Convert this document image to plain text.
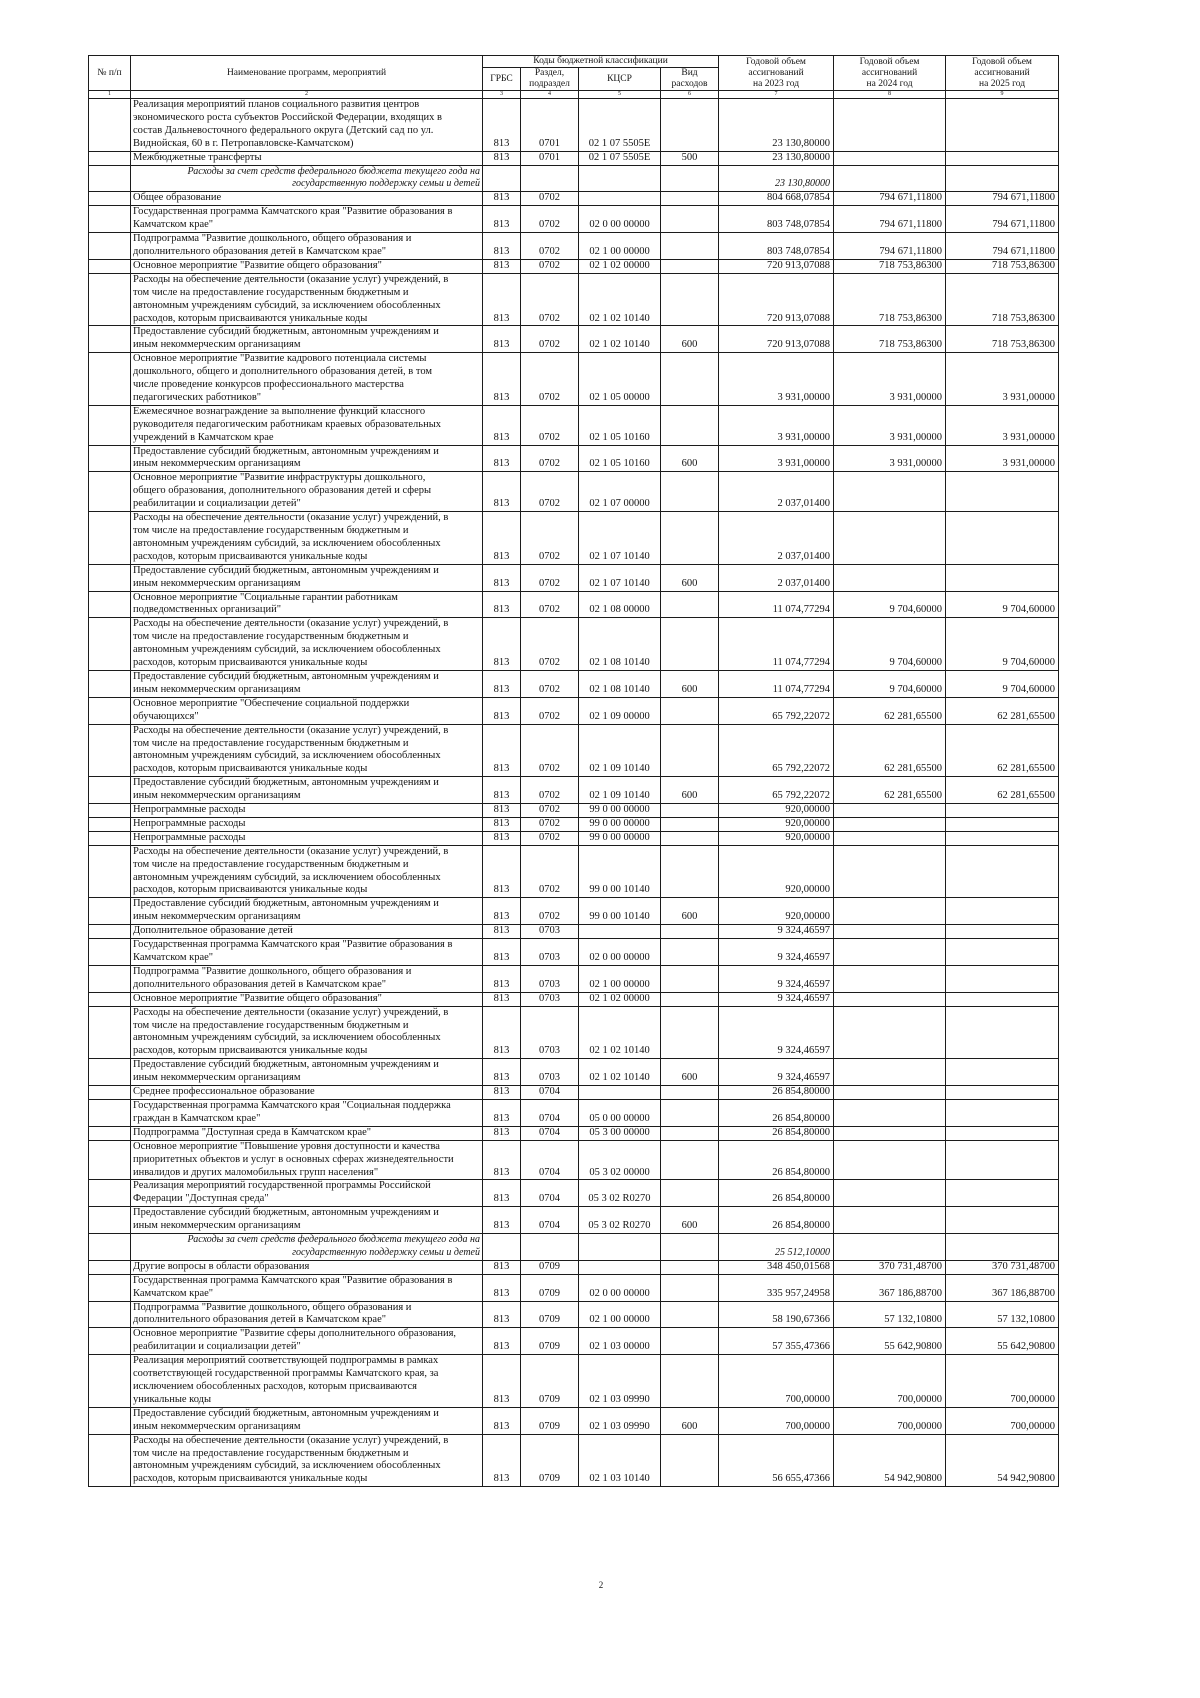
№ п/п	Наименование программ, мероприятий	Коды бюджетной классификации				Годовой объем
ассигнований
на 2023 год	Годовой объем
ассигнований
на 2024 год	Годовой объем
ассигнований
на 2025 год
		ГРБС	Раздел,
подраздел	КЦСР	Вид
расходов			
1	2	3	4	5	6	7	8	9
	Реализация мероприятий планов социального развития центров
экономического роста субъектов Российской Федерации, входящих в
состав Дальневосточного федерального округа (Детский сад по ул.
Виднойская, 60 в г. Петропавловске-Камчатском)	813	0701	02 1 07 5505E		23 130,80000		
	Межбюджетные трансферты	813	0701	02 1 07 5505E	500	23 130,80000		
	Расходы за счет средств федерального бюджета текущего года на
государственную поддержку семьи и детей					23 130,80000		
	Общее образование	813	0702			804 668,07854	794 671,11800	794 671,11800
	Государственная программа Камчатского края "Развитие образования в
Камчатском крае"	813	0702	02 0 00 00000		803 748,07854	794 671,11800	794 671,11800
	Подпрограмма "Развитие дошкольного, общего образования и
дополнительного образования детей в Камчатском крае"	813	0702	02 1 00 00000		803 748,07854	794 671,11800	794 671,11800
	Основное мероприятие "Развитие общего образования"	813	0702	02 1 02 00000		720 913,07088	718 753,86300	718 753,86300
	Расходы на обеспечение деятельности (оказание услуг) учреждений, в
том числе на предоставление государственным бюджетным и
автономным учреждениям субсидий, за исключением обособленных
расходов, которым присваиваются уникальные коды	813	0702	02 1 02 10140		720 913,07088	718 753,86300	718 753,86300
	Предоставление субсидий бюджетным, автономным учреждениям и
иным некоммерческим организациям	813	0702	02 1 02 10140	600	720 913,07088	718 753,86300	718 753,86300
	Основное мероприятие "Развитие кадрового потенциала системы
дошкольного, общего и дополнительного образования детей, в том
числе проведение конкурсов профессионального мастерства
педагогических работников"	813	0702	02 1 05 00000		3 931,00000	3 931,00000	3 931,00000
	Ежемесячное вознаграждение за выполнение функций классного
руководителя педагогическим работникам краевых образовательных
учреждений в Камчатском крае	813	0702	02 1 05 10160		3 931,00000	3 931,00000	3 931,00000
	Предоставление субсидий бюджетным, автономным учреждениям и
иным некоммерческим организациям	813	0702	02 1 05 10160	600	3 931,00000	3 931,00000	3 931,00000
	Основное мероприятие "Развитие инфраструктуры дошкольного,
общего образования, дополнительного образования детей и сферы
реабилитации и социализации детей"	813	0702	02 1 07 00000		2 037,01400		
	Расходы на обеспечение деятельности (оказание услуг) учреждений, в
том числе на предоставление государственным бюджетным и
автономным учреждениям субсидий, за исключением обособленных
расходов, которым присваиваются уникальные коды	813	0702	02 1 07 10140		2 037,01400		
	Предоставление субсидий бюджетным, автономным учреждениям и
иным некоммерческим организациям	813	0702	02 1 07 10140	600	2 037,01400		
	Основное мероприятие "Социальные гарантии работникам
подведомственных организаций"	813	0702	02 1 08 00000		11 074,77294	9 704,60000	9 704,60000
	Расходы на обеспечение деятельности (оказание услуг) учреждений, в
том числе на предоставление государственным бюджетным и
автономным учреждениям субсидий, за исключением обособленных
расходов, которым присваиваются уникальные коды	813	0702	02 1 08 10140		11 074,77294	9 704,60000	9 704,60000
	Предоставление субсидий бюджетным, автономным учреждениям и
иным некоммерческим организациям	813	0702	02 1 08 10140	600	11 074,77294	9 704,60000	9 704,60000
	Основное мероприятие "Обеспечение социальной поддержки
обучающихся"	813	0702	02 1 09 00000		65 792,22072	62 281,65500	62 281,65500
	Расходы на обеспечение деятельности (оказание услуг) учреждений, в
том числе на предоставление государственным бюджетным и
автономным учреждениям субсидий, за исключением обособленных
расходов, которым присваиваются уникальные коды	813	0702	02 1 09 10140		65 792,22072	62 281,65500	62 281,65500
	Предоставление субсидий бюджетным, автономным учреждениям и
иным некоммерческим организациям	813	0702	02 1 09 10140	600	65 792,22072	62 281,65500	62 281,65500
	Непрограммные расходы	813	0702	99 0 00 00000		920,00000		
	Непрограммные расходы	813	0702	99 0 00 00000		920,00000		
	Непрограммные расходы	813	0702	99 0 00 00000		920,00000		
	Расходы на обеспечение деятельности (оказание услуг) учреждений, в
том числе на предоставление государственным бюджетным и
автономным учреждениям субсидий, за исключением обособленных
расходов, которым присваиваются уникальные коды	813	0702	99 0 00 10140		920,00000		
	Предоставление субсидий бюджетным, автономным учреждениям и
иным некоммерческим организациям	813	0702	99 0 00 10140	600	920,00000		
	Дополнительное образование детей	813	0703			9 324,46597		
	Государственная программа Камчатского края "Развитие образования в
Камчатском крае"	813	0703	02 0 00 00000		9 324,46597		
	Подпрограмма "Развитие дошкольного, общего образования и
дополнительного образования детей в Камчатском крае"	813	0703	02 1 00 00000		9 324,46597		
	Основное мероприятие "Развитие общего образования"	813	0703	02 1 02 00000		9 324,46597		
	Расходы на обеспечение деятельности (оказание услуг) учреждений, в
том числе на предоставление государственным бюджетным и
автономным учреждениям субсидий, за исключением обособленных
расходов, которым присваиваются уникальные коды	813	0703	02 1 02 10140		9 324,46597		
	Предоставление субсидий бюджетным, автономным учреждениям и
иным некоммерческим организациям	813	0703	02 1 02 10140	600	9 324,46597		
	Среднее профессиональное образование	813	0704			26 854,80000		
	Государственная программа Камчатского края "Социальная поддержка
граждан в Камчатском крае"	813	0704	05 0 00 00000		26 854,80000		
	Подпрограмма "Доступная среда в Камчатском крае"	813	0704	05 3 00 00000		26 854,80000		
	Основное мероприятие "Повышение уровня доступности и качества
приоритетных объектов и услуг в основных сферах жизнедеятельности
инвалидов и других маломобильных групп населения"	813	0704	05 3 02 00000		26 854,80000		
	Реализация мероприятий государственной программы Российской
Федерации "Доступная среда"	813	0704	05 3 02 R0270		26 854,80000		
	Предоставление субсидий бюджетным, автономным учреждениям и
иным некоммерческим организациям	813	0704	05 3 02 R0270	600	26 854,80000		
	Расходы за счет средств федерального бюджета текущего года на
государственную поддержку семьи и детей					25 512,10000		
	Другие вопросы в области образования	813	0709			348 450,01568	370 731,48700	370 731,48700
	Государственная программа Камчатского края "Развитие образования в
Камчатском крае"	813	0709	02 0 00 00000		335 957,24958	367 186,88700	367 186,88700
	Подпрограмма "Развитие дошкольного, общего образования и
дополнительного образования детей в Камчатском крае"	813	0709	02 1 00 00000		58 190,67366	57 132,10800	57 132,10800
	Основное мероприятие "Развитие сферы дополнительного образования,
реабилитации и социализации детей"	813	0709	02 1 03 00000		57 355,47366	55 642,90800	55 642,90800
	Реализация мероприятий соответствующей подпрограммы в рамках
соответствующей государственной программы Камчатского края, за
исключением обособленных расходов, которым присваиваются
уникальные коды	813	0709	02 1 03 09990		700,00000	700,00000	700,00000
	Предоставление субсидий бюджетным, автономным учреждениям и
иным некоммерческим организациям	813	0709	02 1 03 09990	600	700,00000	700,00000	700,00000
	Расходы на обеспечение деятельности (оказание услуг) учреждений, в
том числе на предоставление государственным бюджетным и
автономным учреждениям субсидий, за исключением обособленных
расходов, которым присваиваются уникальные коды	813	0709	02 1 03 10140		56 655,47366	54 942,90800	54 942,90800
2
